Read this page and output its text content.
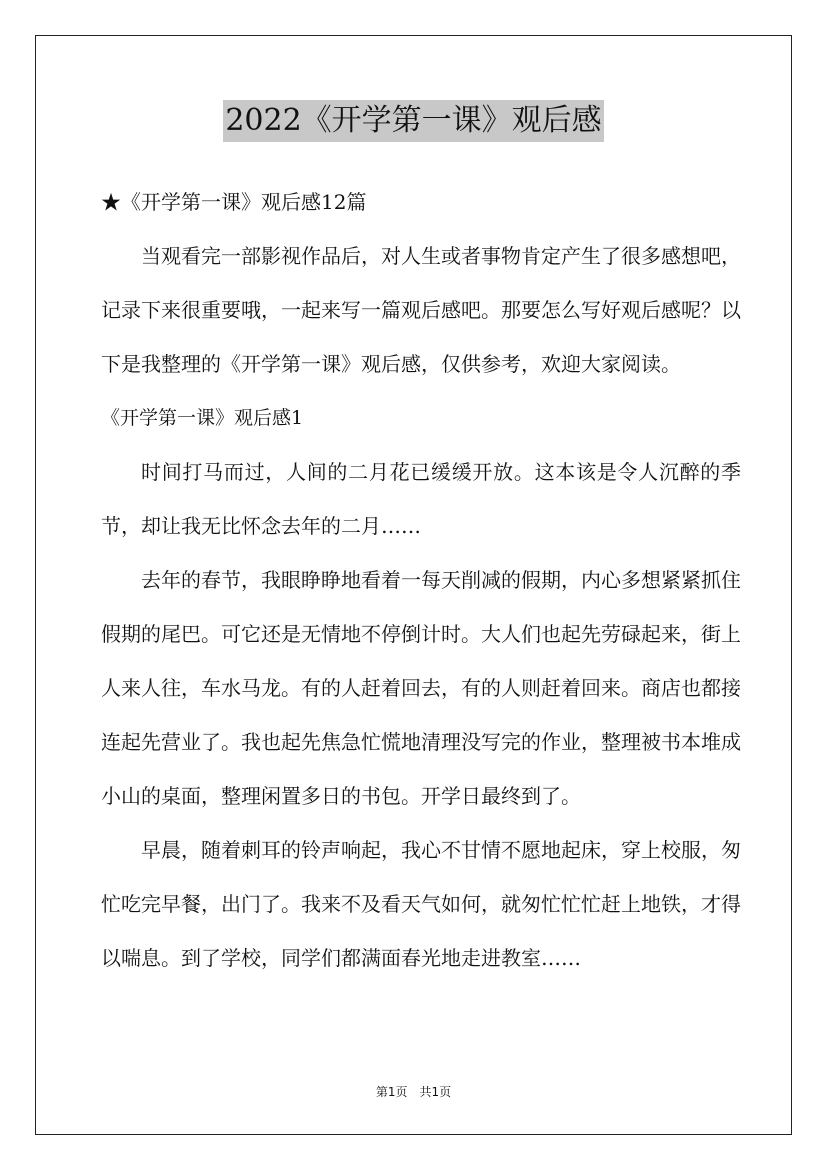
2022《开学第一课》观后感

★《开学第一课》观后感12篇

当观看完一部影视作品后，对人生或者事物肯定产生了很多感想吧，记录下来很重要哦，一起来写一篇观后感吧。那要怎么写好观后感呢？以下是我整理的《开学第一课》观后感，仅供参考，欢迎大家阅读。

《开学第一课》观后感1

时间打马而过，人间的二月花已缓缓开放。这本该是令人沉醉的季节，却让我无比怀念去年的二月……

去年的春节，我眼睁睁地看着一每天削减的假期，内心多想紧紧抓住假期的尾巴。可它还是无情地不停倒计时。大人们也起先劳碌起来，街上人来人往，车水马龙。有的人赶着回去，有的人则赶着回来。商店也都接连起先营业了。我也起先焦急忙慌地清理没写完的作业，整理被书本堆成小山的桌面，整理闲置多日的书包。开学日最终到了。

早晨，随着刺耳的铃声响起，我心不甘情不愿地起床，穿上校服，匆忙吃完早餐，出门了。我来不及看天气如何，就匆忙忙忙赶上地铁，才得以喘息。到了学校，同学们都满面春光地走进教室……

第1页　共1页
